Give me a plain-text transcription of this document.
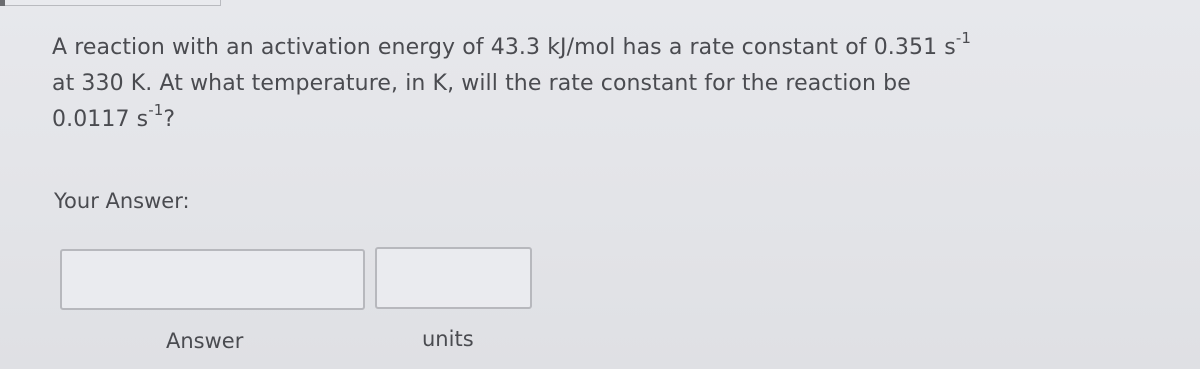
A reaction with an activation energy of 43.3 kJ/mol has a rate constant of 0.351 $s^{-1}$
at 330 K. At what temperature, in K, will the rate constant for the reaction be
0.0117 $s^{-1}$?
Your Answer:
Answer	units
